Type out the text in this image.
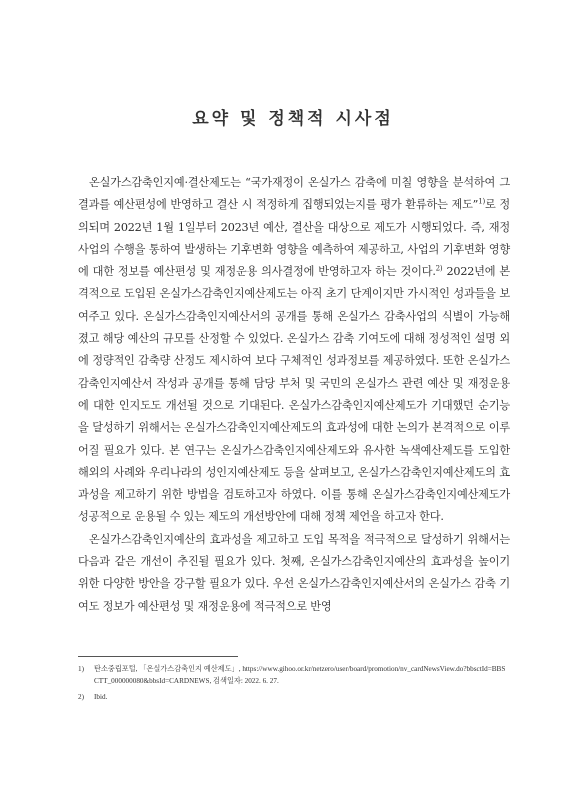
요약 및 정책적 시사점

온실가스감축인지예·결산제도는 “국가재정이 온실가스 감축에 미칠 영향을 분석하여 그 결과를 예산편성에 반영하고 결산 시 적정하게 집행되었는지를 평가 환류하는 제도”$^{1)}$로 정의되며 2022년 1월 1일부터 2023년 예산, 결산을 대상으로 제도가 시행되었다. 즉, 재정사업의 수행을 통하여 발생하는 기후변화 영향을 예측하여 제공하고, 사업의 기후변화 영향에 대한 정보를 예산편성 및 재정운용 의사결정에 반영하고자 하는 것이다.$^{2)}$ 2022년에 본격적으로 도입된 온실가스감축인지예산제도는 아직 초기 단계이지만 가시적인 성과들을 보여주고 있다. 온실가스감축인지예산서의 공개를 통해 온실가스 감축사업의 식별이 가능해졌고 해당 예산의 규모를 산정할 수 있었다. 온실가스 감축 기여도에 대해 정성적인 설명 외에 정량적인 감축량 산정도 제시하여 보다 구체적인 성과정보를 제공하였다. 또한 온실가스감축인지예산서 작성과 공개를 통해 담당 부처 및 국민의 온실가스 관련 예산 및 재정운용에 대한 인지도도 개선될 것으로 기대된다. 온실가스감축인지예산제도가 기대했던 순기능을 달성하기 위해서는 온실가스감축인지예산제도의 효과성에 대한 논의가 본격적으로 이루어질 필요가 있다. 본 연구는 온실가스감축인지예산제도와 유사한 녹색예산제도를 도입한 해외의 사례와 우리나라의 성인지예산제도 등을 살펴보고, 온실가스감축인지예산제도의 효과성을 제고하기 위한 방법을 검토하고자 하였다. 이를 통해 온실가스감축인지예산제도가 성공적으로 운용될 수 있는 제도의 개선방안에 대해 정책 제언을 하고자 한다.

온실가스감축인지예산의 효과성을 제고하고 도입 목적을 적극적으로 달성하기 위해서는 다음과 같은 개선이 추진될 필요가 있다. 첫째, 온실가스감축인지예산의 효과성을 높이기 위한 다양한 방안을 강구할 필요가 있다. 우선 온실가스감축인지예산서의 온실가스 감축 기여도 정보가 예산편성 및 재정운용에 적극적으로 반영

1)	탄소중립포털, 「온실가스감축인지 예산제도」, https://www.gihoo.or.kr/netzero/user/board/promotion/nv_cardNewsView.do?bbsctId=BBSCTT_000000080&bbsId=CARDNEWS, 검색일자: 2022. 6. 27.
2)	Ibid.
